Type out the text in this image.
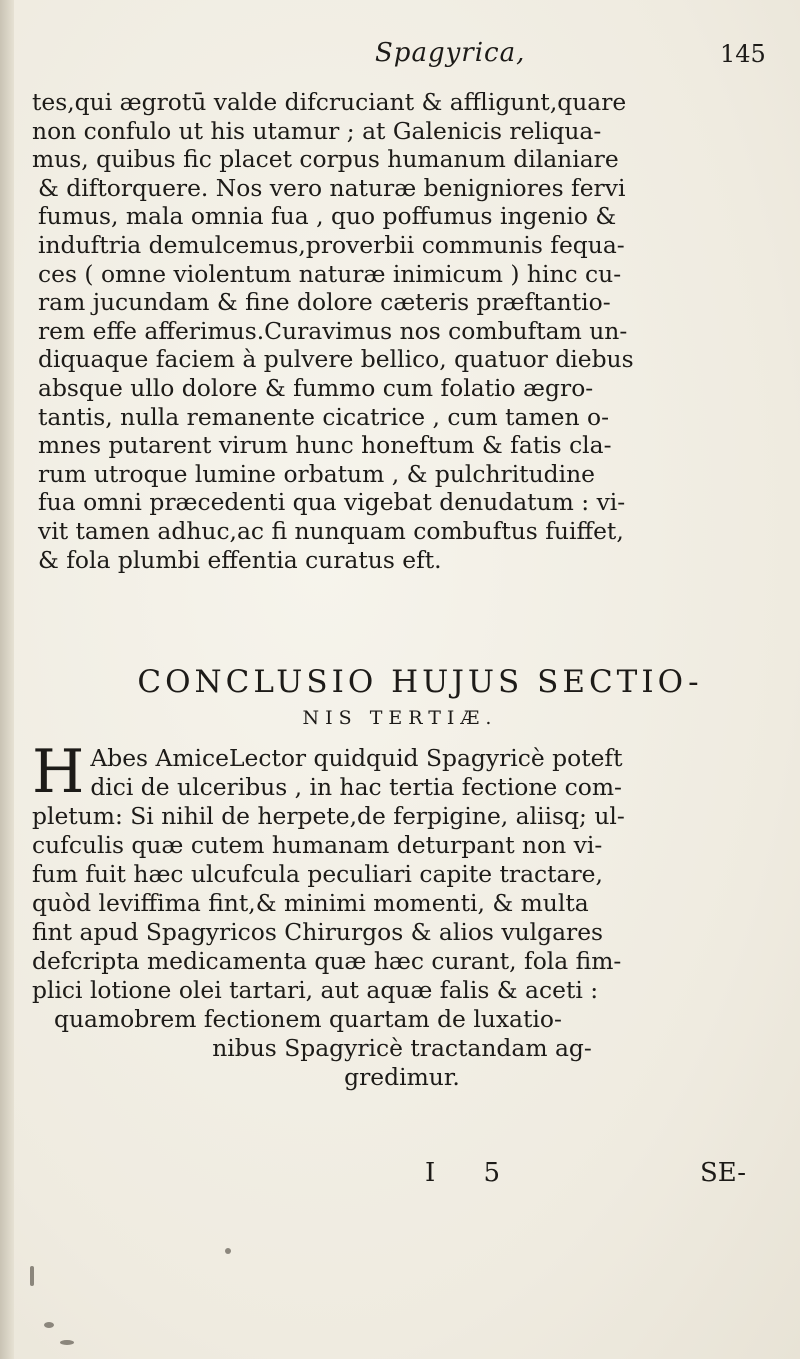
Spagyrica,	145
tes,qui ægrotū valde difcruciant & affligunt,quare
non confulo ut his utamur ; at Galenicis reliqua-
mus, quibus fic placet corpus humanum dilaniare
& diftorquere. Nos vero naturæ benigniores fervi
fumus, mala omnia fua , quo poffumus ingenio &
induftria demulcemus,proverbii communis fequa-
ces ( omne violentum naturæ inimicum ) hinc cu-
ram jucundam & fine dolore cæteris præftantio-
rem effe afferimus.Curavimus nos combuftam un-
diquaque faciem à pulvere bellico, quatuor diebus
absque ullo dolore & fummo cum folatio ægro-
tantis, nulla remanente cicatrice , cum tamen o-
mnes putarent virum hunc honeftum & fatis cla-
rum utroque lumine orbatum , & pulchritudine
fua omni præcedenti qua vigebat denudatum : vi-
vit tamen adhuc,ac fi nunquam combuftus fuiffet,
& fola plumbi effentia curatus eft.
CONCLUSIO HUJUS SECTIO-
NIS TERTIÆ.
H Abes AmiceLector quidquid Spagyricè poteft
dici de ulceribus , in hac tertia fectione com-
pletum: Si nihil de herpete,de ferpigine, aliisq; ul-
cufculis quæ cutem humanam deturpant non vi-
fum fuit hæc ulcufcula peculiari capite tractare,
quòd leviffima fint,& minimi momenti, & multa
fint apud Spagyricos Chirurgos & alios vulgares
defcripta medicamenta quæ hæc curant, fola fim-
plici lotione olei tartari, aut aquæ falis & aceti :
quamobrem fectionem quartam de luxatio-
nibus Spagyricè tractandam ag-
gredimur.
I 5	SE-
